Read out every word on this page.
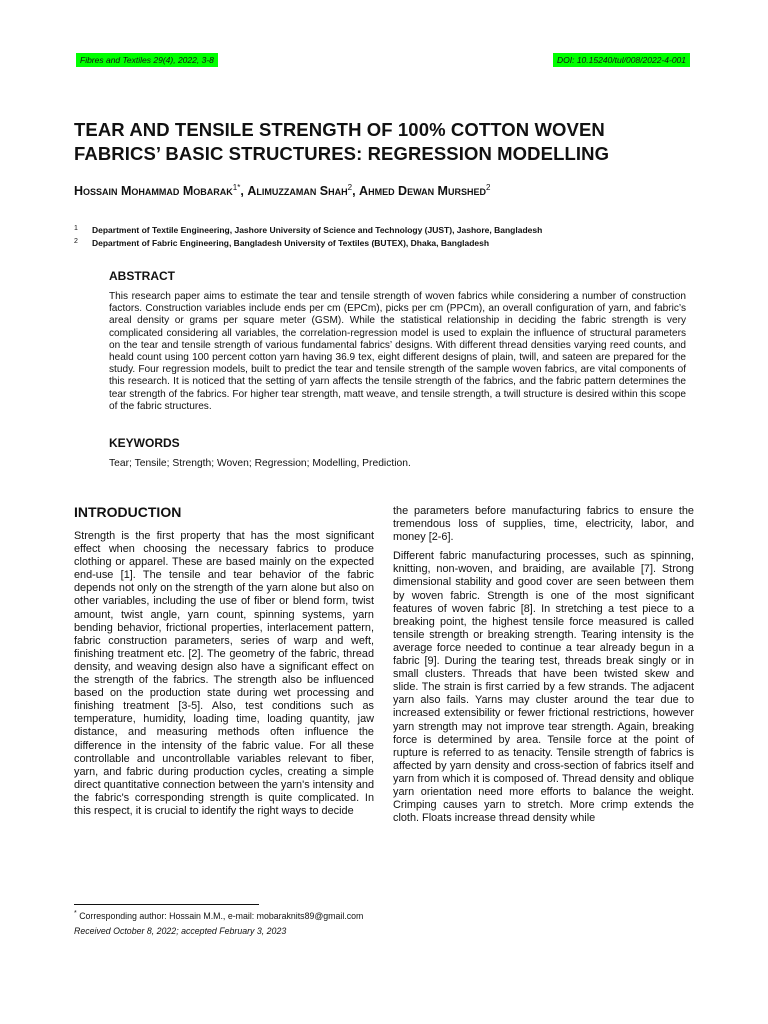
Fibres and Textiles 29(4), 2022, 3-8	DOI: 10.15240/tul/008/2022-4-001
TEAR AND TENSILE STRENGTH OF 100% COTTON WOVEN FABRICS’ BASIC STRUCTURES: REGRESSION MODELLING
Hossain Mohammad Mobarak$^{1*}$, Alimuzzaman Shah$^2$, Ahmed Dewan Murshed$^2$
1 Department of Textile Engineering, Jashore University of Science and Technology (JUST), Jashore, Bangladesh
2 Department of Fabric Engineering, Bangladesh University of Textiles (BUTEX), Dhaka, Bangladesh
ABSTRACT
This research paper aims to estimate the tear and tensile strength of woven fabrics while considering a number of construction factors. Construction variables include ends per cm (EPCm), picks per cm (PPCm), an overall configuration of yarn, and fabric’s areal density or grams per square meter (GSM). While the statistical relationship in deciding the fabric strength is very complicated considering all variables, the correlation-regression model is used to explain the influence of structural parameters on the tear and tensile strength of various fundamental fabrics’ designs. With different thread densities varying reed counts, and heald count using 100 percent cotton yarn having 36.9 tex, eight different designs of plain, twill, and sateen are prepared for the study. Four regression models, built to predict the tear and tensile strength of the sample woven fabrics, are vital components of this research. It is noticed that the setting of yarn affects the tensile strength of the fabrics, and the fabric pattern determines the tear strength of the fabrics. For higher tear strength, matt weave, and tensile strength, a twill structure is desired within this scope of the fabric structures.
KEYWORDS
Tear; Tensile; Strength; Woven; Regression; Modelling, Prediction.
INTRODUCTION

Strength is the first property that has the most significant effect when choosing the necessary fabrics to produce clothing or apparel. These are based mainly on the expected end-use [1]. The tensile and tear behavior of the fabric depends not only on the strength of the yarn alone but also on other variables, including the use of fiber or blend form, twist amount, twist angle, yarn count, spinning systems, yarn bending behavior, frictional properties, interlacement pattern, fabric construction parameters, series of warp and weft, finishing treatment etc. [2]. The geometry of the fabric, thread density, and weaving design also have a significant effect on the strength of the fabrics. The strength also be influenced based on the production state during wet processing and finishing treatment [3-5]. Also, test conditions such as temperature, humidity, loading time, loading quantity, jaw distance, and measuring methods often influence the difference in the intensity of the fabric value. For all these controllable and uncontrollable variables relevant to fiber, yarn, and fabric during production cycles, creating a simple direct quantitative connection between the yarn's intensity and the fabric's corresponding strength is quite complicated. In this respect, it is crucial to identify the right ways to decide

the parameters before manufacturing fabrics to ensure the tremendous loss of supplies, time, electricity, labor, and money [2-6].

Different fabric manufacturing processes, such as spinning, knitting, non-woven, and braiding, are available [7]. Strong dimensional stability and good cover are seen between them by woven fabric. Strength is one of the most significant features of woven fabric [8]. In stretching a test piece to a breaking point, the highest tensile force measured is called tensile strength or breaking strength. Tearing intensity is the average force needed to continue a tear already begun in a fabric [9]. During the tearing test, threads break singly or in small clusters. Threads that have been twisted skew and slide. The strain is first carried by a few strands. The adjacent yarn also fails. Yarns may cluster around the tear due to increased extensibility or fewer frictional restrictions, however yarn strength may not improve tear strength. Again, breaking force is determined by area. Tensile force at the point of rupture is referred to as tenacity. Tensile strength of fabrics is affected by yarn density and cross-section of fabrics itself and yarn from which it is composed of. Thread density and oblique yarn orientation need more efforts to balance the weight. Crimping causes yarn to stretch. More crimp extends the cloth. Floats increase thread density while

* Corresponding author: Hossain M.M., e-mail: mobaraknits89@gmail.com
Received October 8, 2022; accepted February 3, 2023
